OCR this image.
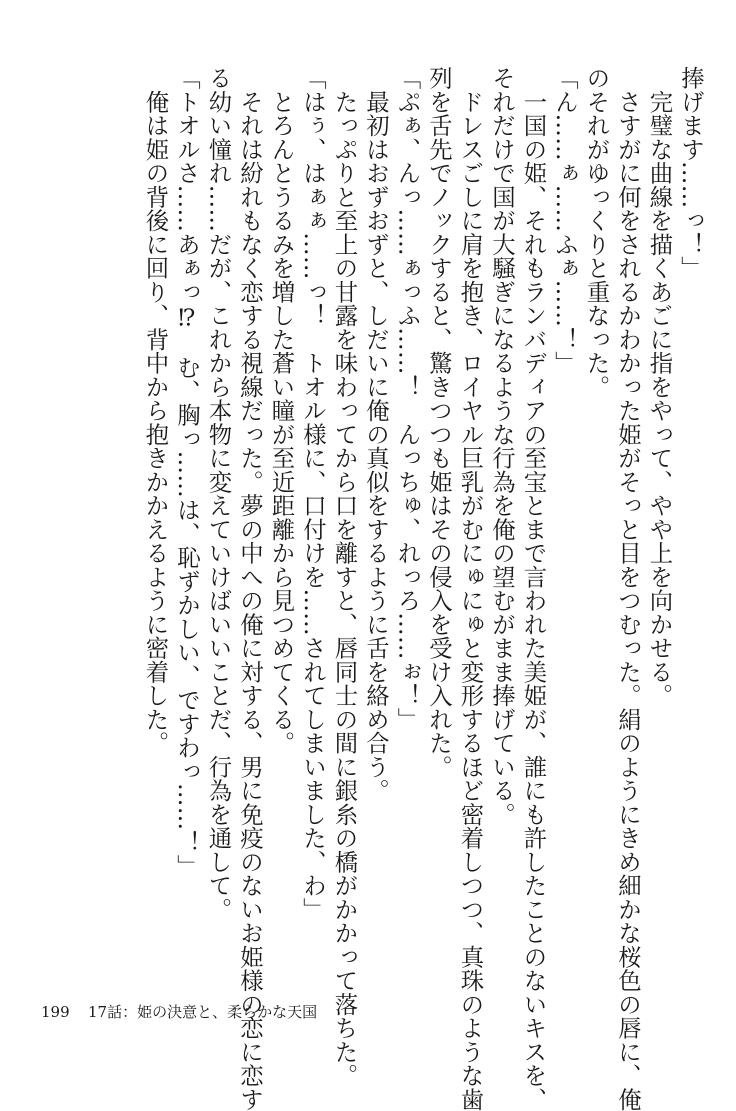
捧げます……っ！」
　完璧な曲線を描くあごに指をやって、やや上を向かせる。
　さすがに何をされるかわかった姫がそっと目をつむった。絹のようにきめ細かな桜色の唇に、俺
のそれがゆっくりと重なった。
「ん……ぁ……ふぁ……！」
　一国の姫、それもランバディアの至宝とまで言われた美姫が、誰にも許したことのないキスを、
それだけで国が大騒ぎになるような行為を俺の望むがまま捧げている。
　ドレスごしに肩を抱き、ロイヤル巨乳がむにゅにゅと変形するほど密着しつつ、真珠のような歯
列を舌先でノックすると、驚きつつも姫はその侵入を受け入れた。
「ぷぁ、んっ……ぁっふ……！　んっちゅ、れっろ……ぉ！」
　最初はおずおずと、しだいに俺の真似をするように舌を絡め合う。
　たっぷりと至上の甘露を味わってから口を離すと、唇同士の間に銀糸の橋がかかって落ちた。
「はぅ、はぁぁ……っ！　トオル様に、口付けを……されてしまいました、わ」
　とろんとうるみを増した蒼い瞳が至近距離から見つめてくる。
　それは紛れもなく恋する視線だった。夢の中への俺に対する、男に免疫のないお姫様の恋に恋す
る幼い憧れ……だが、これから本物に変えていけばいいことだ、行為を通して。
「トオルさ……あぁっ⁉　む、胸っ……は、恥ずかしい、ですわっ……！」
　俺は姫の背後に回り、背中から抱きかかえるように密着した。
199 17話：姫の決意と、柔らかな天国
